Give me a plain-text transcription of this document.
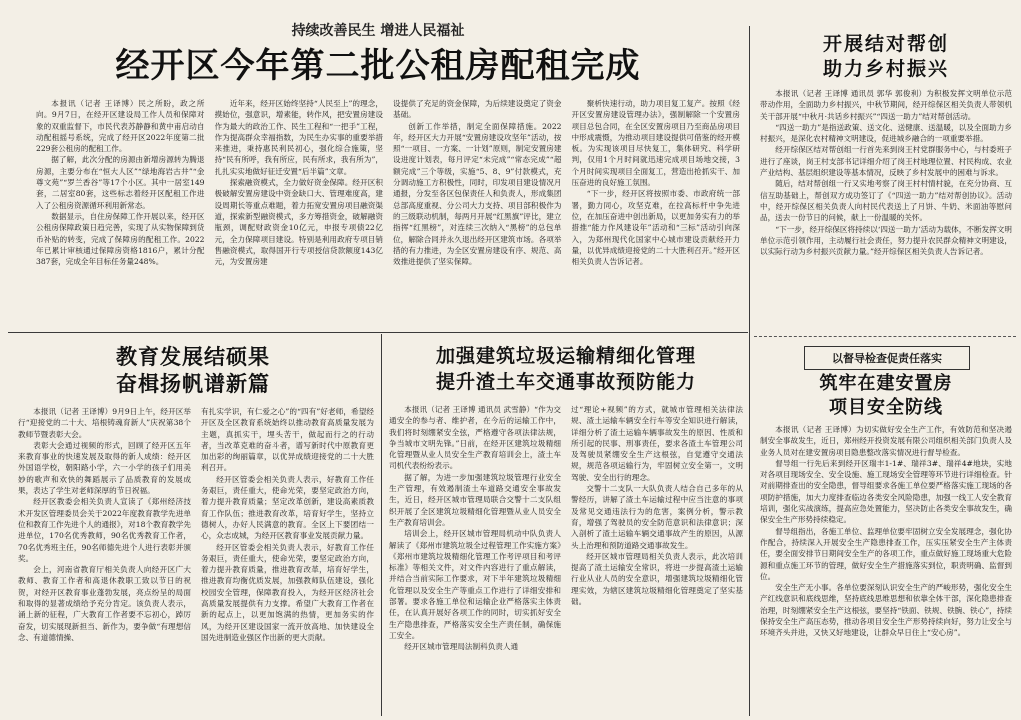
持续改善民生 增进人民福祉
经开区今年第二批公租房配租完成

本报讯（记者 王译博）民之所盼，政之所向。9月7日，在经开区建设局工作人员和保障对象的双重监督下，市民代表苏静静和黄中甫启动自动配租摇号系统，完成了经开区2022年度第二批229套公租房的配租工作。

据了解，此次分配的房源由新增房源转为腾退房源，主要分布在“恒大人区”“绿地海岩古井”“金尊文苑”“罗兰香谷”等17个小区。其中一居室149套，二居室80套，这些标志着经开区配租工作进入了公租房资源循环利用新常态。

数据显示，自住房保障工作开展以来，经开区公租房保障政策日趋完善，实现了从实物保障到货币补贴的转变，完成了保障房的配租工作。2022年已累计审核通过保障房资格1816户，累计分配387套，完成全年目标任务量248%。

近年来，经开区始终坚持“人民至上”的理念，摸始位，强意识，增素能，转作风，把安置房建设作为最大的政治工作、民生工程和“一把手”工程，作为提高群众幸福指数，为民生办实事的重要举措来推进，秉持惠民利民初心，强化综合施策，坚持“民有所呼，我有所应，民有所求，我有所为”，扎扎实实地做好征迁安置“后半篇”文章。

探索融资模式，全力做好资金保障。经开区积极破解安置房建设中资金缺口大、管理难度高，建设周期长等重点难题，着力拓宽安置房项目融资渠道，探索新型融资模式，多方筹措资金，破解融资瓶颈，调配财政资金10亿元，申报专项债22亿元，全力保障项目建设。特别是利用政府专项目销售融资模式，取得国开行专项授信贷款额度143亿元，为安置房建

设提供了充足的资金保障，为后续建设奠定了资金基础。

创新工作举措，制定全面保障措施。2022年，经开区大力开展“安置房建设攻坚年”活动，按照“一项目、一方案、一计划”原则，制定安置房建设进度计划表，每月评定“未完成”“常态完成”“超额完成”三个等级，实施“5、8、9”付款模式，充分调动施工方积极性，同时，印发项目建设情况月通报，分发至各区包保责任人和负责人，形成集团总部高度重视、分公司大力支持、项目部积极作为的三级联动机制，每两月开展“红黑旗”评比，建立指挥“红黑榜”，对连续三次纳入“黑榜”的总包单位，解除合同并永久退出经开区建筑市场。各项举措的有力推进，为全区安置房建设有序、规范、高效推进提供了坚实保障。

聚析快速行动，助力项目复工复产。按照《经开区安置房建设管理办法》，强制解除一个安置房项目总包合同，在全区安置房项目乃至商品房项目中形成震慑，为推动项目建设提供可借鉴的经开模板。为实现该项目尽快复工，集体研究、科学研判，仅用1个月时间就迅速完成项目场地交接，3个月时间实现项目全面复工，营造出抢抓实干、加压奋进的良好施工氛围。

“下一步，经开区将按照市委、市政府统一部署，勤力同心，攻坚克难，在拉高标杆中争先进位，在加压奋进中创出新局，以更加务实有力的举措推“能力作风建设年”活动和“三标”活动引向深入，为郑州现代化国家中心城市建设贡献经开力量，以优异成绩迎接党的二十大胜利召开。”经开区相关负责人告诉记者。

开展结对帮创
助力乡村振兴

本报讯（记者 王译博 通讯员 郭华 郭俊利）为积极发挥文明单位示范带动作用，全面助力乡村振兴，中秋节期间，经开综保区相关负责人带领机关干部开展“中秋月·共话乡村振兴”“四送一助力”结对帮创活动。

“四送一助力”是指送政策、送文化、送健康、送温暖，以及全面助力乡村振兴，是深化农村精神文明建设，促进城乡融合的一项重要举措。

经开综保区结对帮创组一行首先来到岗王村党群服务中心，与村委班子进行了座谈，岗王村支部书记详细介绍了岗王村地理位置、村民构成、农业产业结构、基层组织建设等基本情况，反映了乡村发展中的困难与诉求。

随后，结对帮创组一行又实地考察了岗王村村情村貌，在充分协商、互信互助基础上，帮创双方成功签订了《“四送一助力”结对帮创协议》。活动中，经开综保区相关负责人向村民代表送上了月饼、牛奶、米面油等慰问品，送去一份节日的问候，献上一份温暖的关怀。

“下一步，经开综保区将持续以‘四送一助力’活动为载体，不断发挥文明单位示范引领作用，主动履行社会责任，努力提升农民群众精神文明建设，以实际行动为乡村振兴贡献力量。”经开综保区相关负责人告诉记者。

教育发展结硕果
奋楫扬帆谱新篇

本报讯（记者 王译博）9月9日上午，经开区举行“迎接党的二十大、培根铸魂育新人”庆祝第38个教师节暨表彰大会。

表彰大会通过视频的形式，回顾了经开区五年来教育事业的快速发展及取得的新人成绩：经开区外国语学校，朝阳路小学，六一小学的孩子们用美妙的歌声和欢快的舞蹈展示了品质教育的发展成果，表达了学生对老师深厚的节日祝福。

经开区教委会相关负责人宣读了《郑州经济技术开发区管理委员会关于2022年度教育教学先进单位和教育工作先进个人的通报》，对18个教育教学先进单位，170名优秀教师，90名优秀教育工作者，70名优秀班主任，90名师德先进个人进行表彰并颁奖。

会上，河南省教育厅相关负责人向经开区广大教师、教育工作者和高退休教职工致以节日的祝贺，对经开区教育事业蓬勃发展，亮点纷呈的局面和取得的显著成绩给予充分肯定。该负责人表示，涌上新的征程，广大教育工作者要不忘初心，踔厉奋发，切实展现新担当、新作为，要争做“有理想信念、有道德情操、

有扎实学识，有仁爱之心”的“四有”好老师，希望经开区及全区教育系统始终以推动教育高质量发展为主题，真抓实干，埋头苦干，做起而行之的行动者，当改革克难的奋斗者，谱写新时代中原教育更加出彩的绚丽篇章，以优异成绩迎接党的二十大胜利召开。

经开区管委会相关负责人表示，好教育工作任务艰巨，责任重大，使命光荣，要坚定政治方向，着力提升教育质量；坚定改革创新，建设高素质教育工作队伍；推进教育改革，培育好学生，坚持立德树人，办好人民满意的教育。全区上下要团结一心，众志成城，为经开区教育事业发展贡献力量。

经开区管委会相关负责人表示，好教育工作任务艰巨，责任重大，使命光荣，要坚定政治方向，着力提升教育质量，推进教育改革，培育好学生，推进教育均衡优质发展，加强教师队伍建设，强化校园安全管理，保障教育投入，为经开区经济社会高质量发展提供有力支撑。希望广大教育工作者在新的起点上，以更加饱满的热情，更加务实的作风，为经开区建设国家一流开放高地、加快建设全国先进制造业强区作出新的更大贡献。

加强建筑垃圾运输精细化管理
提升渣土车交通事故预防能力

本报讯（记者 王译博 通讯员 武雪静）“作为交通安全的参与者、维护者，在今后的运输工作中，我们将时刻绷紧安全弦，严格遵守各项法律法规，争当城市文明先锋。”日前，在经开区建筑垃圾精细化管理暨从业人员安全生产教育培训会上，渣土车司机代表纷纷表示。

据了解，为进一步加强建筑垃圾管理行业安全生产管理，有效遏制渣土车道路交通安全事故发生，近日，经开区城市管理局联合交警十二支队组织开展了全区建筑垃圾精细化管理暨从业人员安全生产教育培训会。

培训会上，经开区城市管理局机动中队负责人解读了《郑州市建筑垃圾全过程管理工作实施方案》《郑州市建筑垃圾精细化管理工作考评项目和考评标准》等相关文件，对文件内容进行了重点解读，并结合当前实际工作要求，对下半年建筑垃圾精细化管理以及安全生产等重点工作进行了详细安排和部署。要求各施工单位和运输企业严格落实主体责任，在认真开展好各项工作的同时，切实抓好安全生产隐患排查，严格落实安全生产责任制，确保施工安全。

经开区城市管理局法制科负责人通

过“理论+视频”的方式，就城市管理相关法律法规、渣土运输车辆安全行车等安全知识进行解读，详细分析了渣土运输车辆事故发生的原因、性质和所引起的民事、刑事责任，要求各渣土车管理公司及驾驶员紧绷安全生产这根弦，自觉遵守交通法规，规范各项运输行为，牢固树立安全第一，文明驾驶、安全出行的理念。

交警十二支队一大队负责人结合自己多年的从警经历，讲解了渣土车运输过程中应当注意的事项及常见交通违法行为的危害，案例分析，警示教育，增强了驾驶员的安全防范意识和法律意识；深入剖析了渣土运输车辆交通事故产生的原因，从源头上治理和预防道路交通事故发生。

经开区城市管理局相关负责人表示，此次培训提高了渣土运输安全常识，将进一步提高渣土运输行业从业人员的安全意识，增强建筑垃圾精细化管理实效，为辖区建筑垃圾精细化管理奠定了坚实基础。

以督导检查促责任落实
筑牢在建安置房
项目安全防线

本报讯（记者 王译博）为切实做好安全生产工作，有效防范和坚决遏制安全事故发生，近日，郑州经开投资发展有限公司组织相关部门负责人及业务人员对在建安置房项目隐患整改落实情况进行督导检查。

督导组一行先后来到经开区瑞丰1-1#、瑞祥3#、瑞祥4#地块，实地对各项目现场安全、安全设施、施工现场安全管理等环节进行详细检查。针对前期排查出的安全隐患，督导组要求各施工单位要严格落实施工现场的各项防护措施，加大力度排查临边各类安全风险隐患，加强一线工人安全教育培训，强化实战演练，提高应急处置能力，坚决防止各类安全事故发生，确保安全生产形势持续稳定。

督导组指出，各施工单位、监理单位要牢固树立安全发展理念，强化协作配合，持续深入开展安全生产隐患排查工作，压实压紧安全生产主体责任，要全面安排节日期间安全生产的各项工作，重点做好施工现场重大危险源和重点施工环节的管理，做好安全生产措施落实到位，职责明确、监督到位。

安全生产无小事。各单位要深刻认识安全生产的严峻形势，强化安全生产红线意识和底线思维，坚持底线思维思想和依靠全体干部，深化隐患排查治理，时刻绷紧安全生产这根弦，要坚持“铁面、铁规、铁腕、铁心”，持续保持安全生产高压态势，推动各项目安全生产形势持续向好，努力让安全与环境齐头并进，又快又好地建设，让群众早日住上“安心房”。
